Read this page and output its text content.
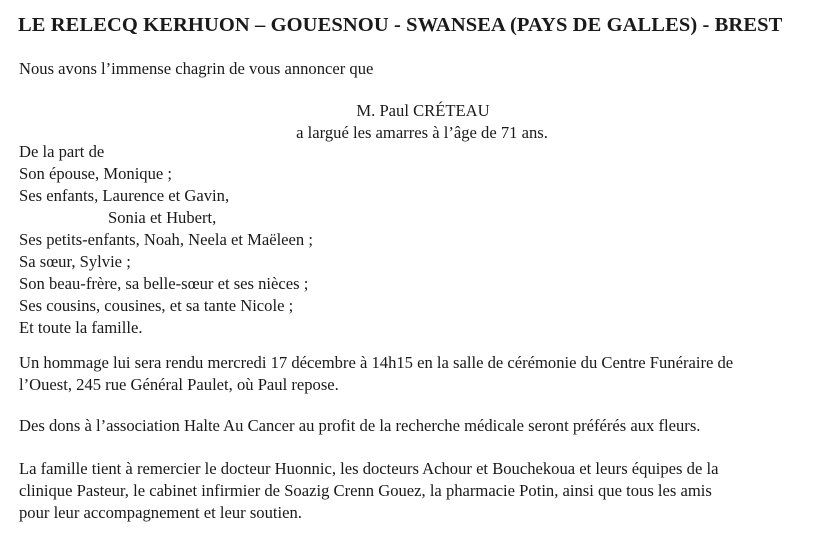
LE RELECQ KERHUON – GOUESNOU - SWANSEA (PAYS DE GALLES) - BREST
Nous avons l’immense chagrin de vous annoncer que
M. Paul CRÉTEAU
a largué les amarres à l’âge de 71 ans.
De la part de
Son épouse, Monique ;
Ses enfants, Laurence et Gavin,
Sonia et Hubert,
Ses petits-enfants, Noah, Neela et Maëleen ;
Sa sœur, Sylvie ;
Son beau-frère, sa belle-sœur et ses nièces ;
Ses cousins, cousines, et sa tante Nicole ;
Et toute la famille.
Un hommage lui sera rendu mercredi 17 décembre à 14h15 en la salle de cérémonie du Centre Funéraire de
l’Ouest, 245 rue Général Paulet, où Paul repose.
Des dons à l’association Halte Au Cancer au profit de la recherche médicale seront préférés aux fleurs.
La famille tient à remercier le docteur Huonnic, les docteurs Achour et Bouchekoua et leurs équipes de la
clinique Pasteur, le cabinet infirmier de Soazig Crenn Gouez, la pharmacie Potin, ainsi que tous les amis
pour leur accompagnement et leur soutien.
